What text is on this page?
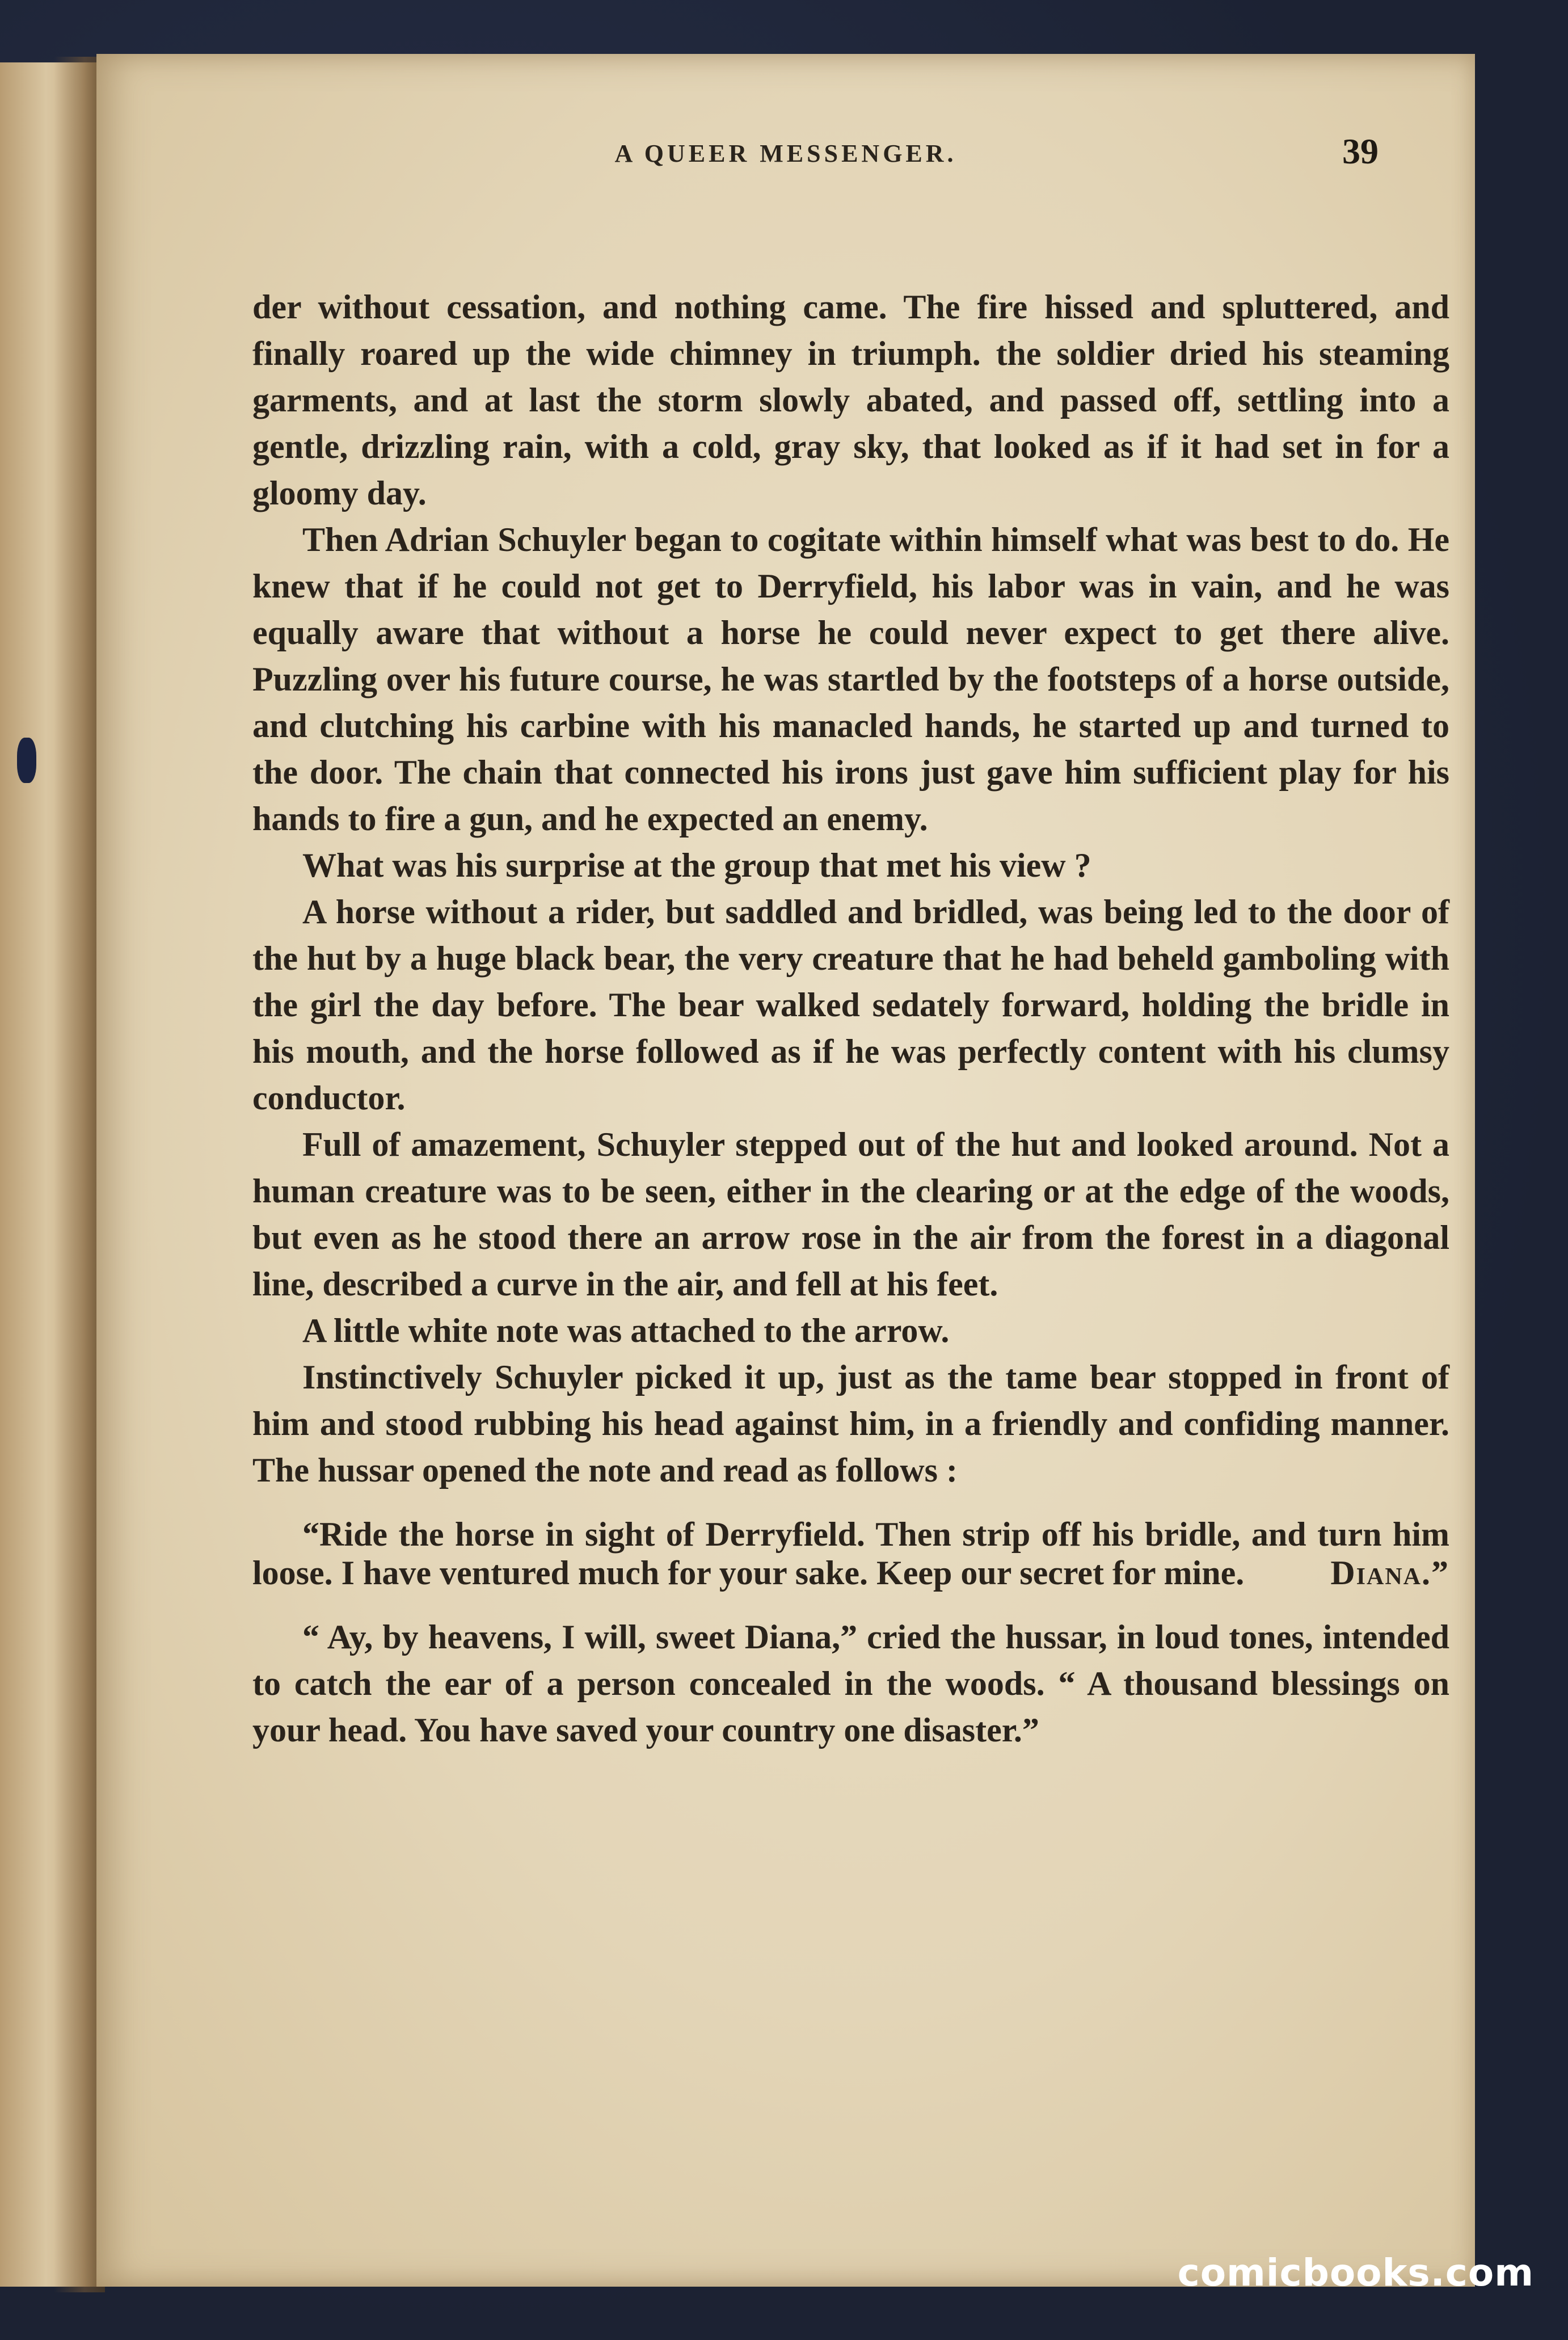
A QUEER MESSENGER.	39

der without cessation, and nothing came. The fire hissed and spluttered, and finally roared up the wide chimney in triumph. the soldier dried his steaming garments, and at last the storm slowly abated, and passed off, settling into a gentle, drizzling rain, with a cold, gray sky, that looked as if it had set in for a gloomy day.

Then Adrian Schuyler began to cogitate within himself what was best to do. He knew that if he could not get to Derryfield, his labor was in vain, and he was equally aware that without a horse he could never expect to get there alive. Puzzling over his future course, he was startled by the footsteps of a horse outside, and clutching his carbine with his manacled hands, he started up and turned to the door. The chain that connected his irons just gave him sufficient play for his hands to fire a gun, and he expected an enemy.

What was his surprise at the group that met his view ?

A horse without a rider, but saddled and bridled, was being led to the door of the hut by a huge black bear, the very creature that he had beheld gamboling with the girl the day before. The bear walked sedately forward, holding the bridle in his mouth, and the horse followed as if he was perfectly content with his clumsy conductor.

Full of amazement, Schuyler stepped out of the hut and looked around. Not a human creature was to be seen, either in the clearing or at the edge of the woods, but even as he stood there an arrow rose in the air from the forest in a diagonal line, described a curve in the air, and fell at his feet.

A little white note was attached to the arrow.

Instinctively Schuyler picked it up, just as the tame bear stopped in front of him and stood rubbing his head against him, in a friendly and confiding manner. The hussar opened the note and read as follows :

“Ride the horse in sight of Derryfield. Then strip off his bridle, and turn him loose. I have ventured much for your sake. Keep our secret for mine.	Diana.”

“ Ay, by heavens, I will, sweet Diana,” cried the hussar, in loud tones, intended to catch the ear of a person concealed in the woods. “ A thousand blessings on your head. You have saved your country one disaster.”

comicbooks.com
